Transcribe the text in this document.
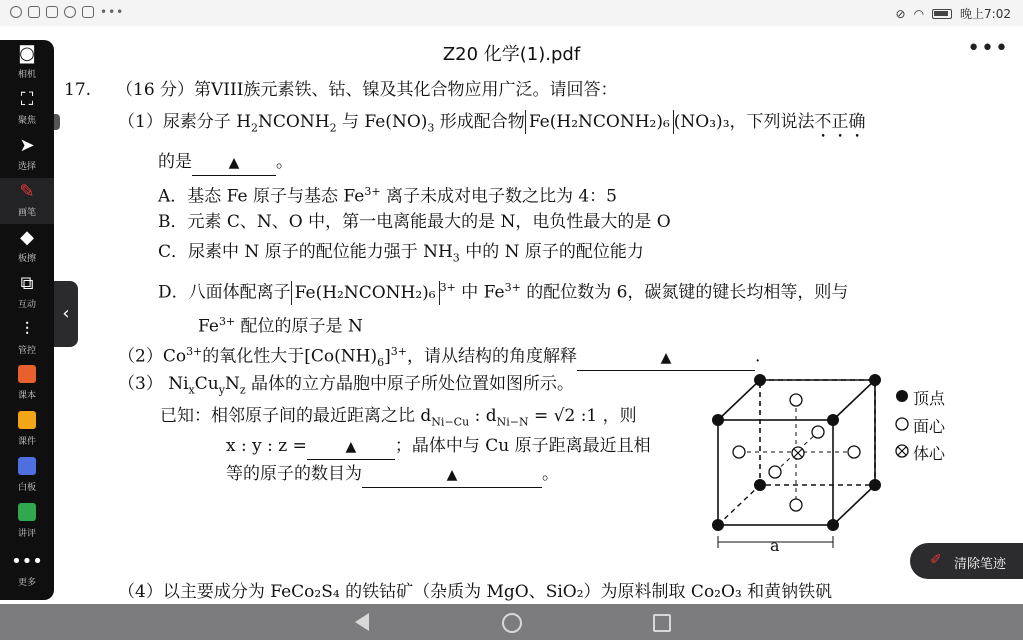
•••	⊘ ◠	晚上7:02
Z20 化学(1).pdf	•••
17. （16 分）第VIII族元素铁、钴、镍及其化合物应用广泛。请回答：
（1）尿素分子 $H_2NCONH_2$ 与 $Fe(NO)_3$ 形成配合物 Fe(H₂NCONH₂)₆ (NO₃)₃，下列说法不正确
的是	▲ 。
A．基态 Fe 原子与基态 $Fe^{3+}$ 离子未成对电子数之比为 4：5
B．元素 C、N、O 中，第一电离能最大的是 N，电负性最大的是 O
C．尿素中 N 原子的配位能力强于 $NH_3$ 中的 N 原子的配位能力
D．八面体配离子 Fe(H₂NCONH₂)₆ $^{3+}$ 中 $Fe^{3+}$ 的配位数为 6，碳氮键的键长均相等，则与
$Fe^{3+}$ 配位的原子是 N
$(2)Co^{3+}$的氧化性大于$[Co(NH)_6]^{3+}$，请从结构的角度解释	▲	.
（3） $Ni_xCu_yN_z$ 晶体的立方晶胞中原子所处位置如图所示。
已知：相邻原子间的最近距离之比 $d_{Ni-Cu}$ : $d_{Ni-N} = √2$ :1 ，则
x : y : z =	▲ ；晶体中与 Cu 原子距离最近且相
等的原子的数目为	▲	。
（4）以主要成分为 FeCo₂S₄ 的铁钴矿（杂质为 MgO、SiO₂）为原料制取 Co₂O₃ 和黄钠铁矾
顶点
面心
体心
a
◙
相机
⛶
聚焦
➤
选择
✎
画笔
◆
板擦
⧉
互动
⫶
管控
课本
课件
白板
讲评
•••
更多
‹
✐ 清除笔迹
